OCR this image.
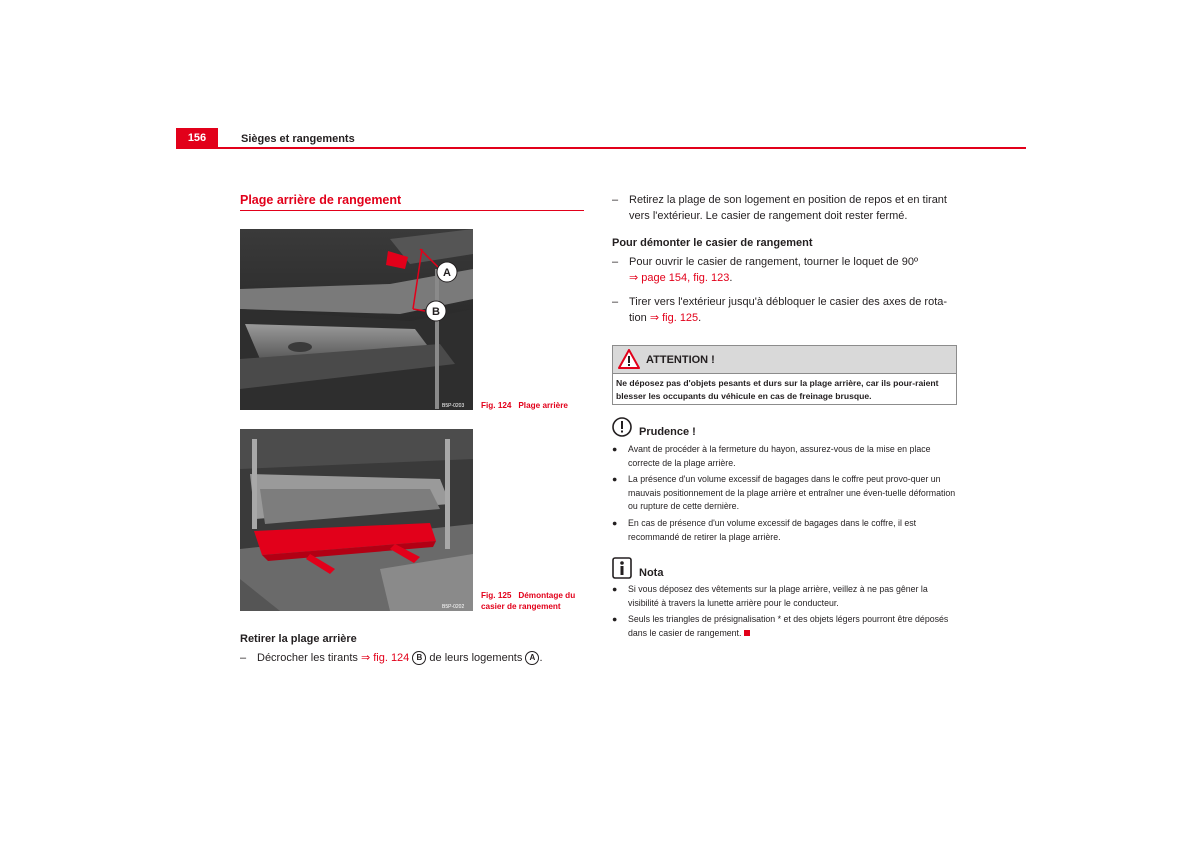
156	Sièges et rangements
Plage arrière de rangement
A
B
B5P-0203 Fig. 124 Plage arrière
B5P-0202
Fig. 125 Démontage du casier de rangement
Retirer la plage arrière
– Décrocher les tirants ⇒ fig. 124 B de leurs logements A .
– Retirez la plage de son logement en position de repos et en tirant vers l'extérieur. Le casier de rangement doit rester fermé.
Pour démonter le casier de rangement
– Pour ouvrir le casier de rangement, tourner le loquet de 90º
⇒ page 154, fig. 123.
– Tirer vers l'extérieur jusqu'à débloquer le casier des axes de rota-tion ⇒ fig. 125.
ATTENTION !
Ne déposez pas d'objets pesants et durs sur la plage arrière, car ils pour-raient blesser les occupants du véhicule en cas de freinage brusque.
Prudence !
● Avant de procéder à la fermeture du hayon, assurez-vous de la mise en place correcte de la plage arrière.
● La présence d'un volume excessif de bagages dans le coffre peut provo-quer un mauvais positionnement de la plage arrière et entraîner une éven-tuelle déformation ou rupture de cette dernière.
● En cas de présence d'un volume excessif de bagages dans le coffre, il est recommandé de retirer la plage arrière.
Nota
● Si vous déposez des vêtements sur la plage arrière, veillez à ne pas gêner la visibilité à travers la lunette arrière pour le conducteur.
● Seuls les triangles de présignalisation * et des objets légers pourront être déposés dans le casier de rangement.
